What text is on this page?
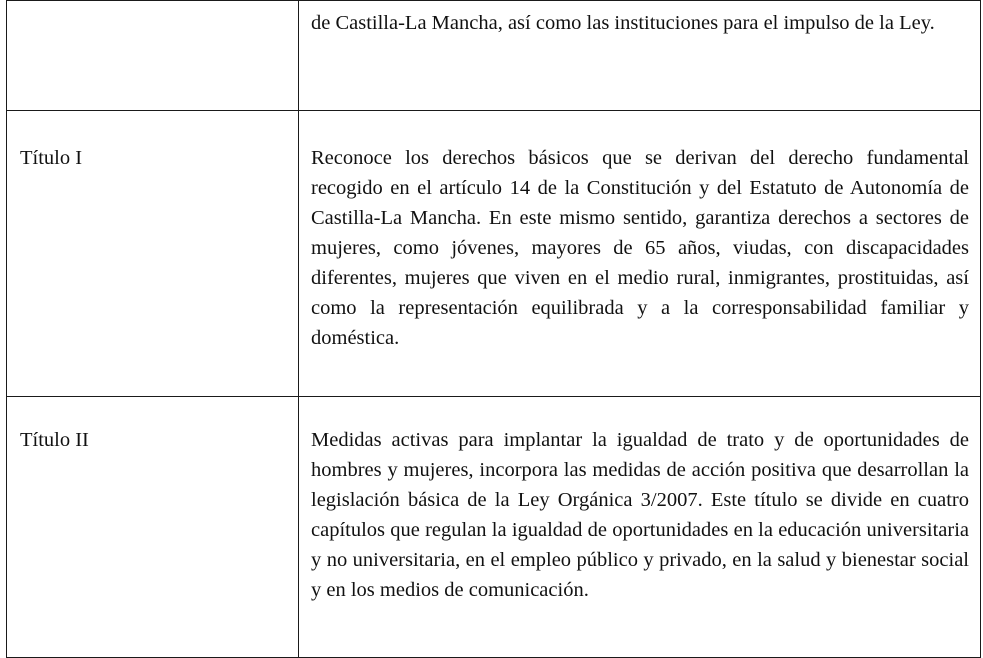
	de Castilla-La Mancha, así como las instituciones para el impulso de la Ley.

Título I	Reconoce los derechos básicos que se derivan del derecho fundamental recogido en el artículo 14 de la Constitución y del Estatuto de Autonomía de Castilla-La Mancha. En este mismo sentido, garantiza derechos a sectores de mujeres, como jóvenes, mayores de 65 años, viudas, con discapacidades diferentes, mujeres que viven en el medio rural, inmigrantes, prostituidas, así como la representación equilibrada y a la corresponsabilidad familiar y doméstica.

Título II	Medidas activas para implantar la igualdad de trato y de oportunidades de hombres y mujeres, incorpora las medidas de acción positiva que desarrollan la legislación básica de la Ley Orgánica 3/2007. Este título se divide en cuatro capítulos que regulan la igualdad de oportunidades en la educación universitaria y no universitaria, en el empleo público y privado, en la salud y bienestar social y en los medios de comunicación.
